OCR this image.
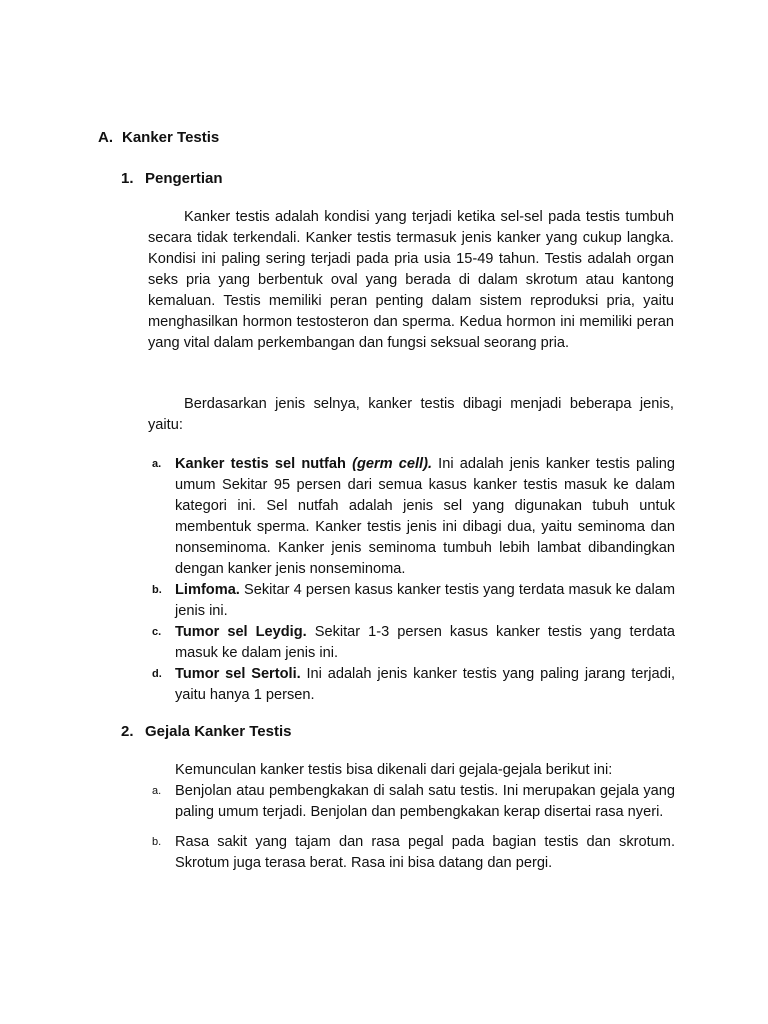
A. Kanker Testis
1. Pengertian

Kanker testis adalah kondisi yang terjadi ketika sel-sel pada testis tumbuh secara tidak terkendali. Kanker testis termasuk jenis kanker yang cukup langka. Kondisi ini paling sering terjadi pada pria usia 15-49 tahun. Testis adalah organ seks pria yang berbentuk oval yang berada di dalam skrotum atau kantong kemaluan. Testis memiliki peran penting dalam sistem reproduksi pria, yaitu menghasilkan hormon testosteron dan sperma. Kedua hormon ini memiliki peran yang vital dalam perkembangan dan fungsi seksual seorang pria.

Berdasarkan jenis selnya, kanker testis dibagi menjadi beberapa jenis, yaitu:

a. Kanker testis sel nutfah (germ cell). Ini adalah jenis kanker testis paling umum Sekitar 95 persen dari semua kasus kanker testis masuk ke dalam kategori ini. Sel nutfah adalah jenis sel yang digunakan tubuh untuk membentuk sperma. Kanker testis jenis ini dibagi dua, yaitu seminoma dan nonseminoma. Kanker jenis seminoma tumbuh lebih lambat dibandingkan dengan kanker jenis nonseminoma.
b. Limfoma. Sekitar 4 persen kasus kanker testis yang terdata masuk ke dalam jenis ini.
c. Tumor sel Leydig. Sekitar 1-3 persen kasus kanker testis yang terdata masuk ke dalam jenis ini.
d. Tumor sel Sertoli. Ini adalah jenis kanker testis yang paling jarang terjadi, yaitu hanya 1 persen.
2. Gejala Kanker Testis

Kemunculan kanker testis bisa dikenali dari gejala-gejala berikut ini:

a. Benjolan atau pembengkakan di salah satu testis. Ini merupakan gejala yang paling umum terjadi. Benjolan dan pembengkakan kerap disertai rasa nyeri.
b. Rasa sakit yang tajam dan rasa pegal pada bagian testis dan skrotum. Skrotum juga terasa berat. Rasa ini bisa datang dan pergi.
